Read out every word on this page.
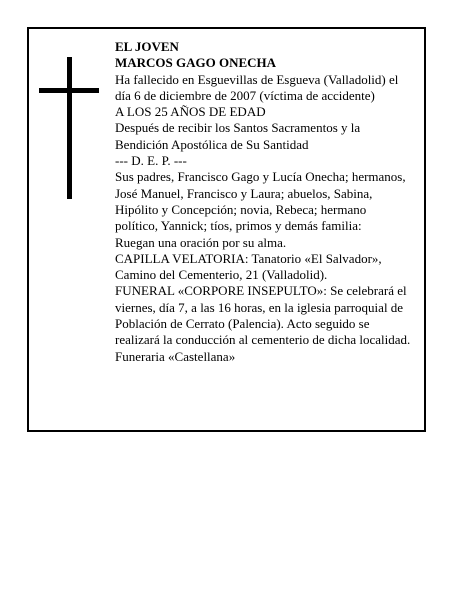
EL JOVEN

MARCOS GAGO ONECHA

Ha fallecido en Esguevillas de Esgueva (Valladolid) el
día 6 de diciembre de 2007 (víctima de accidente)

A LOS 25 AÑOS DE EDAD

Después de recibir los Santos Sacramentos y la
Bendición Apostólica de Su Santidad

--- D. E. P. ---

Sus padres, Francisco Gago y Lucía Onecha; hermanos,
José Manuel, Francisco y Laura; abuelos, Sabina,
Hipólito y Concepción; novia, Rebeca; hermano
político, Yannick; tíos, primos y demás familia:

Ruegan una oración por su alma.

CAPILLA VELATORIA: Tanatorio «El Salvador»,
Camino del Cementerio, 21 (Valladolid).

FUNERAL «CORPORE INSEPULTO»: Se celebrará el
viernes, día 7, a las 16 horas, en la iglesia parroquial de
Población de Cerrato (Palencia). Acto seguido se
realizará la conducción al cementerio de dicha localidad.

Funeraria «Castellana»
